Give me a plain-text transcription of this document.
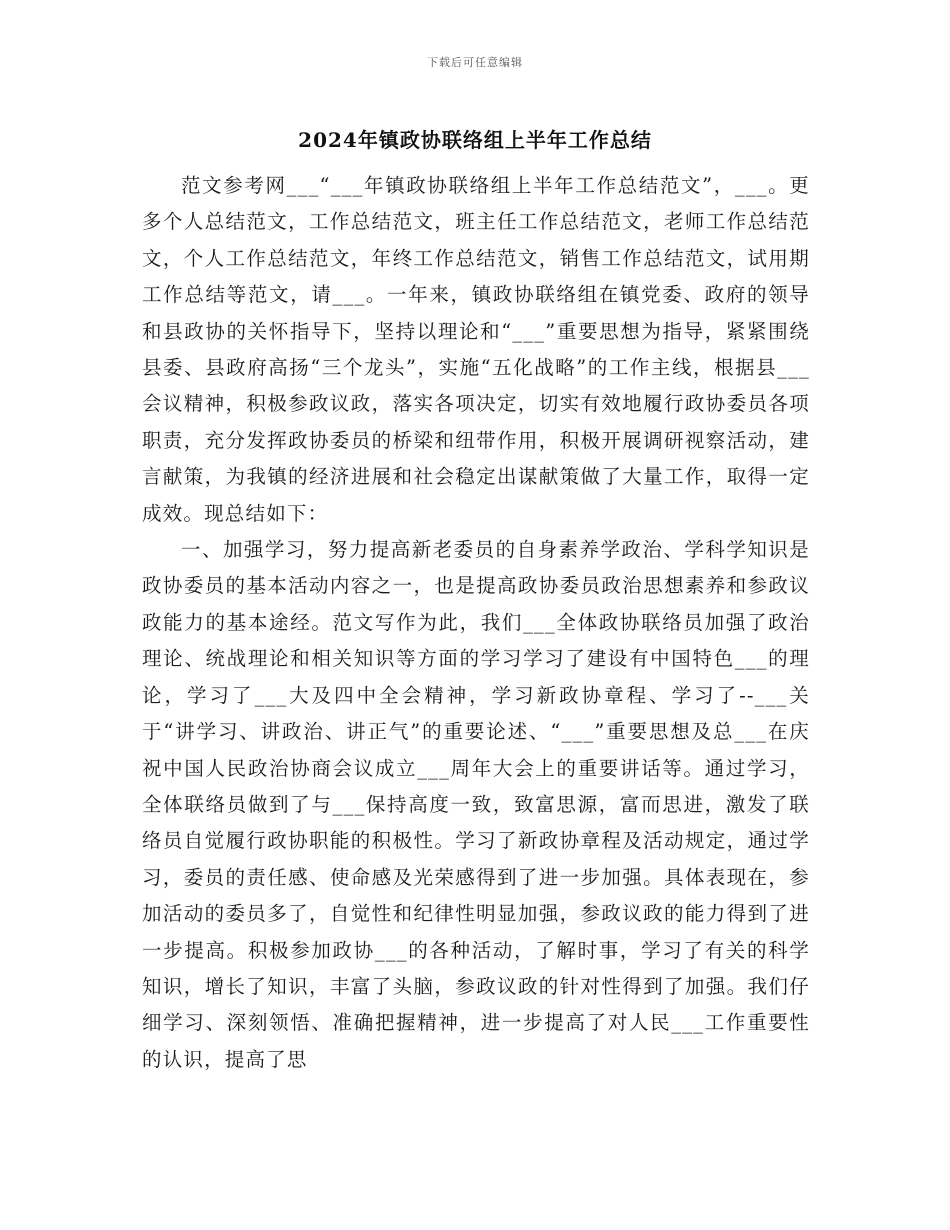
下载后可任意编辑
2024年镇政协联络组上半年工作总结

范文参考网___“___年镇政协联络组上半年工作总结范文”，___。更多个人总结范文，工作总结范文，班主任工作总结范文，老师工作总结范文，个人工作总结范文，年终工作总结范文，销售工作总结范文，试用期工作总结等范文，请___。一年来，镇政协联络组在镇党委、政府的领导和县政协的关怀指导下，坚持以理论和“___”重要思想为指导，紧紧围绕县委、县政府高扬“三个龙头”，实施“五化战略”的工作主线，根据县___会议精神，积极参政议政，落实各项决定，切实有效地履行政协委员各项职责，充分发挥政协委员的桥梁和纽带作用，积极开展调研视察活动，建言献策，为我镇的经济进展和社会稳定出谋献策做了大量工作，取得一定成效。现总结如下：

一、加强学习，努力提高新老委员的自身素养学政治、学科学知识是政协委员的基本活动内容之一，也是提高政协委员政治思想素养和参政议政能力的基本途经。范文写作为此，我们___全体政协联络员加强了政治理论、统战理论和相关知识等方面的学习学习了建设有中国特色___的理论，学习了___大及四中全会精神，学习新政协章程、学习了--___关于“讲学习、讲政治、讲正气”的重要论述、“___”重要思想及总___在庆祝中国人民政治协商会议成立___周年大会上的重要讲话等。通过学习，全体联络员做到了与___保持高度一致，致富思源，富而思进，激发了联络员自觉履行政协职能的积极性。学习了新政协章程及活动规定，通过学习，委员的责任感、使命感及光荣感得到了进一步加强。具体表现在，参加活动的委员多了，自觉性和纪律性明显加强，参政议政的能力得到了进一步提高。积极参加政协___的各种活动，了解时事，学习了有关的科学知识，增长了知识，丰富了头脑，参政议政的针对性得到了加强。我们仔细学习、深刻领悟、准确把握精神，进一步提高了对人民___工作重要性的认识，提高了思
